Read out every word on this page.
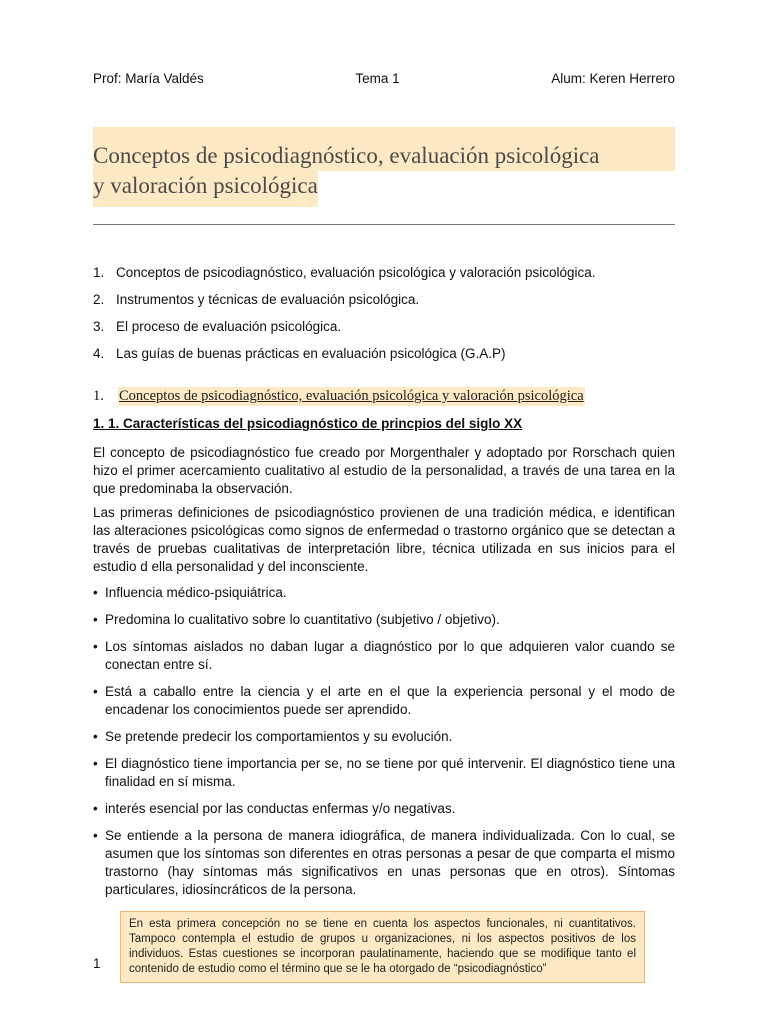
Prof: María Valdés	Tema 1	Alum: Keren Herrero
Conceptos de psicodiagnóstico, evaluación psicológica
y valoración psicológica
1. Conceptos de psicodiagnóstico, evaluación psicológica y valoración psicológica.
2. Instrumentos y técnicas de evaluación psicológica.
3. El proceso de evaluación psicológica.
4. Las guías de buenas prácticas en evaluación psicológica (G.A.P)
1.	Conceptos de psicodiagnóstico, evaluación psicológica y valoración psicológica
1. 1. Características del psicodiagnóstico de princpios del siglo XX

El concepto de psicodiagnóstico fue creado por Morgenthaler y adoptado por Rorschach quien hizo el primer acercamiento cualitativo al estudio de la personalidad, a través de una tarea en la que predominaba la observación.

Las primeras definiciones de psicodiagnóstico provienen de una tradición médica, e identifican las alteraciones psicológicas como signos de enfermedad o trastorno orgánico que se detectan a través de pruebas cualitativas de interpretación libre, técnica utilizada en sus inicios para el estudio d ella personalidad y del inconsciente.

• Influencia médico-psiquiátrica.
• Predomina lo cualitativo sobre lo cuantitativo (subjetivo / objetivo).
• Los síntomas aislados no daban lugar a diagnóstico por lo que adquieren valor cuando se conectan entre sí.
• Está a caballo entre la ciencia y el arte en el que la experiencia personal y el modo de encadenar los conocimientos puede ser aprendido.
• Se pretende predecir los comportamientos y su evolución.
• El diagnóstico tiene importancia per se, no se tiene por qué intervenir. El diagnóstico tiene una finalidad en sí misma.
• interés esencial por las conductas enfermas y/o negativas.
• Se entiende a la persona de manera idiográfica, de manera individualizada. Con lo cual, se asumen que los síntomas son diferentes en otras personas a pesar de que comparta el mismo trastorno (hay síntomas más significativos en unas personas que en otros). Síntomas particulares, idiosincráticos de la persona.
1
En esta primera concepción no se tiene en cuenta los aspectos funcionales, ni cuantitativos. Tampoco contempla el estudio de grupos u organizaciones, ni los aspectos positivos de los individuos. Estas cuestiones se incorporan paulatinamente, haciendo que se modifique tanto el contenido de estudio como el término que se le ha otorgado de “psicodiagnóstico”
